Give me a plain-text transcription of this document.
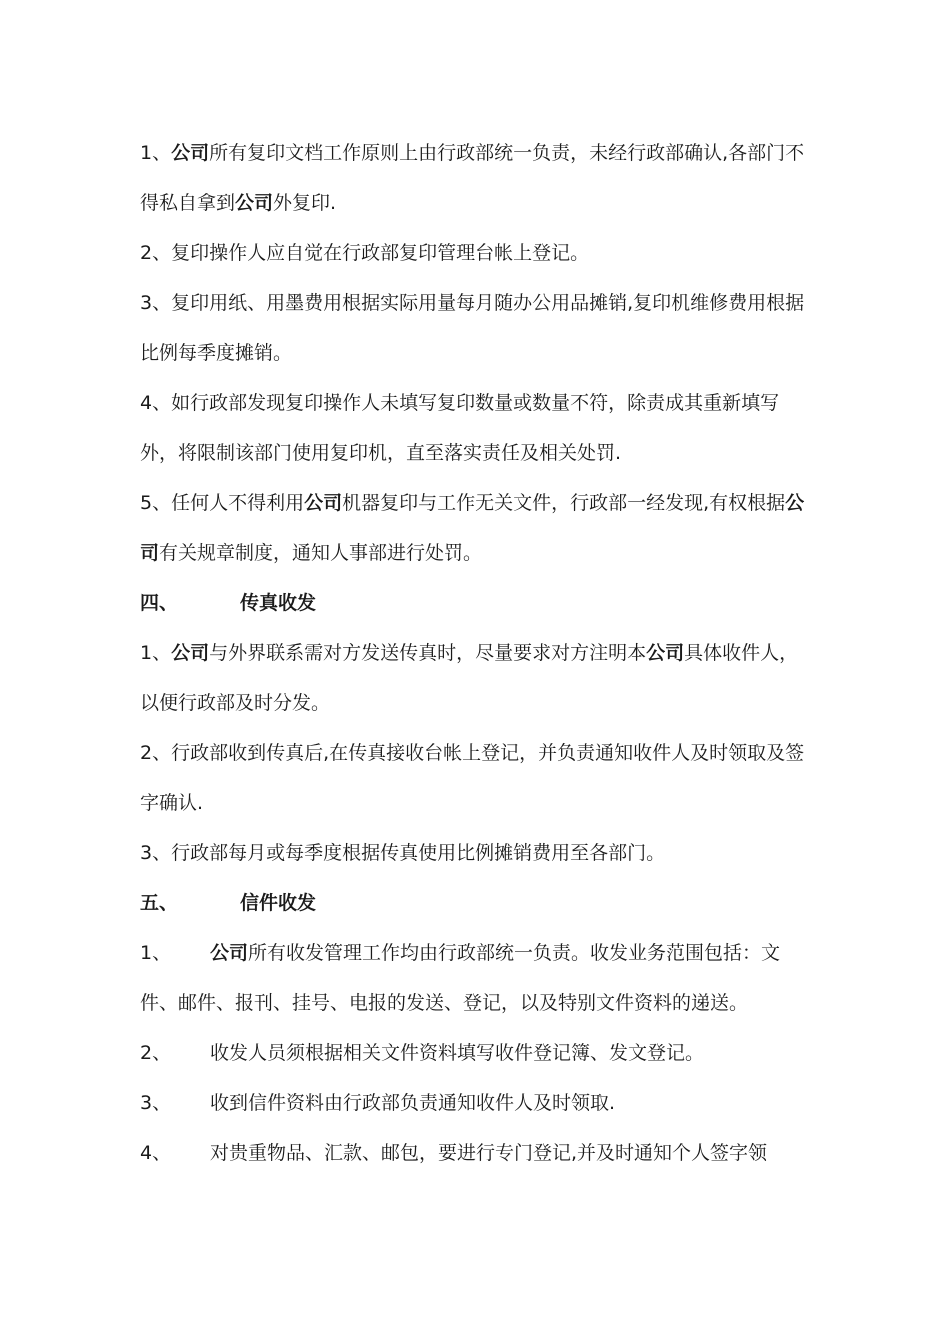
1、公司所有复印文档工作原则上由行政部统一负责，未经行政部确认,各部门不
得私自拿到公司外复印.
2、复印操作人应自觉在行政部复印管理台帐上登记。
3、复印用纸、用墨费用根据实际用量每月随办公用品摊销,复印机维修费用根据
比例每季度摊销。
4、如行政部发现复印操作人未填写复印数量或数量不符，除责成其重新填写
外，将限制该部门使用复印机，直至落实责任及相关处罚.
5、任何人不得利用公司机器复印与工作无关文件，行政部一经发现,有权根据公
司有关规章制度，通知人事部进行处罚。
四、	传真收发
1、公司与外界联系需对方发送传真时，尽量要求对方注明本公司具体收件人，
以便行政部及时分发。
2、行政部收到传真后,在传真接收台帐上登记，并负责通知收件人及时领取及签
字确认.
3、行政部每月或每季度根据传真使用比例摊销费用至各部门。
五、	信件收发
1、 公司所有收发管理工作均由行政部统一负责。收发业务范围包括：文
件、邮件、报刊、挂号、电报的发送、登记，以及特别文件资料的递送。
2、 收发人员须根据相关文件资料填写收件登记簿、发文登记。
3、 收到信件资料由行政部负责通知收件人及时领取.
4、 对贵重物品、汇款、邮包，要进行专门登记,并及时通知个人签字领
